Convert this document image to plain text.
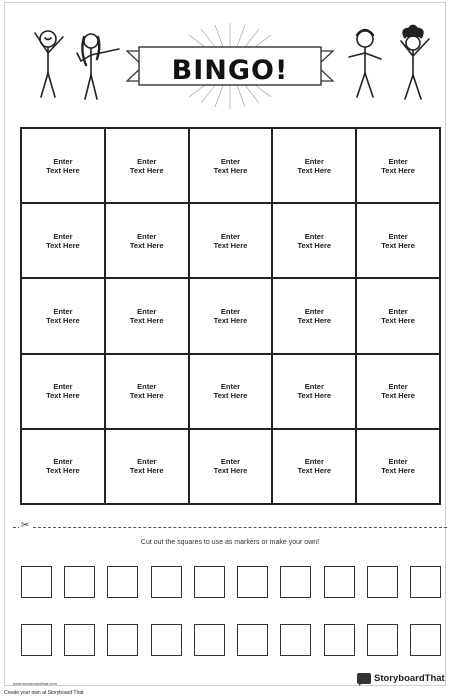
BINGO!
Enter
Text Here
Enter
Text Here
Enter
Text Here
Enter
Text Here
Enter
Text Here
Enter
Text Here
Enter
Text Here
Enter
Text Here
Enter
Text Here
Enter
Text Here
Enter
Text Here
Enter
Text Here
Enter
Text Here
Enter
Text Here
Enter
Text Here
Enter
Text Here
Enter
Text Here
Enter
Text Here
Enter
Text Here
Enter
Text Here
Enter
Text Here
Enter
Text Here
Enter
Text Here
Enter
Text Here
Enter
Text Here
✂
Cut out the squares to use as markers or make your own!
www.storyboardthat.com	StoryboardThat
Create your own at Storyboard That
